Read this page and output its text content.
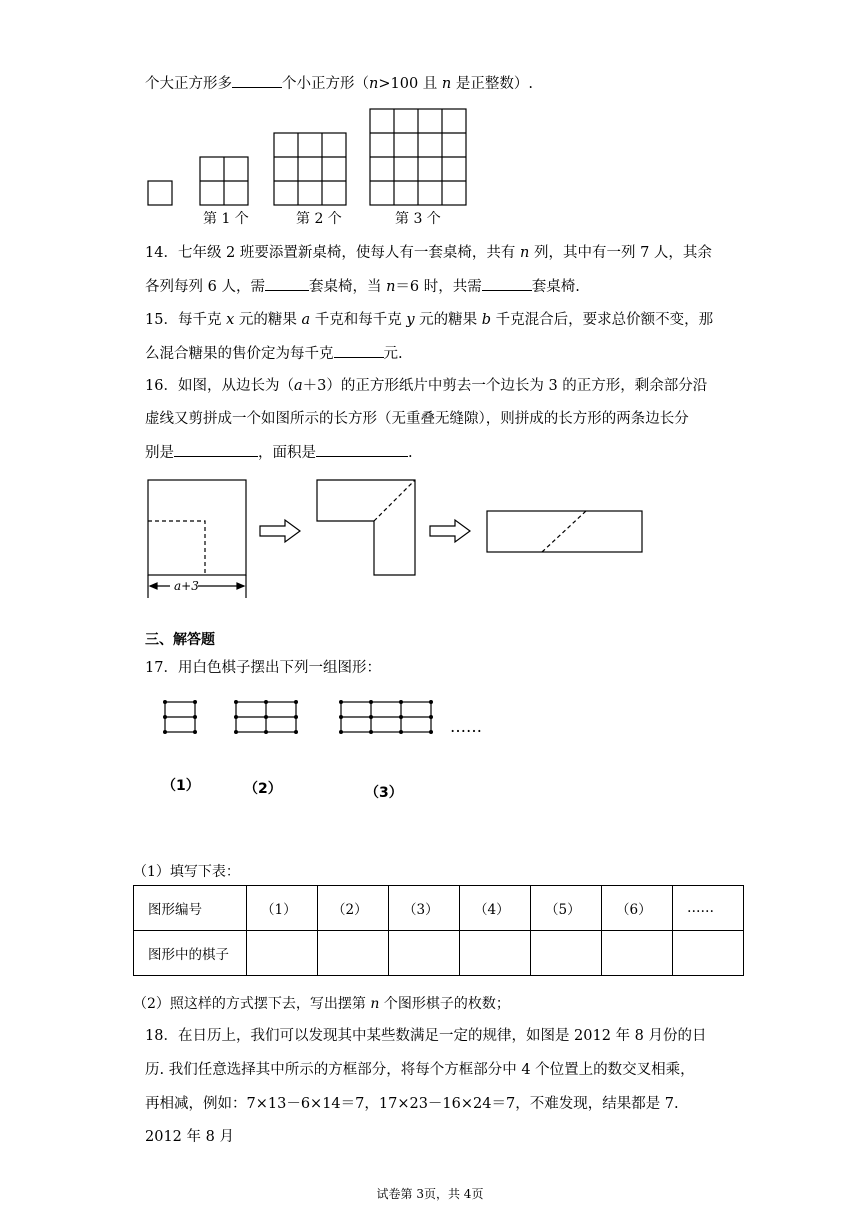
个大正方形多	个小正方形（n>100 且 n 是正整数）.
第 1 个	第 2 个	第 3 个
14．七年级 2 班要添置新桌椅，使每人有一套桌椅，共有 n 列，其中有一列 7 人，其余
各列每列 6 人，需	套桌椅，当 n＝6 时，共需	套桌椅.
15．每千克 x 元的糖果 a 千克和每千克 y 元的糖果 b 千克混合后，要求总价额不变，那
么混合糖果的售价定为每千克	元.
16．如图，从边长为（a＋3）的正方形纸片中剪去一个边长为 3 的正方形，剩余部分沿
虚线又剪拼成一个如图所示的长方形（无重叠无缝隙），则拼成的长方形的两条边长分
别是	，面积是	.
a+3
三、解答题
17．用白色棋子摆出下列一组图形：
……
（1）	（2）	（3）
（1）填写下表：
图形编号	（1）	（2）	（3）	（4）	（5）	（6）	……
图形中的棋子							
（2）照这样的方式摆下去，写出摆第 n 个图形棋子的枚数；
18．在日历上，我们可以发现其中某些数满足一定的规律，如图是 2012 年 8 月份的日
历. 我们任意选择其中所示的方框部分，将每个方框部分中 4 个位置上的数交叉相乘，
再相减，例如：7×13－6×14＝7，17×23－16×24＝7，不难发现，结果都是 7.
2012 年 8 月
试卷第 3页，共 4页
